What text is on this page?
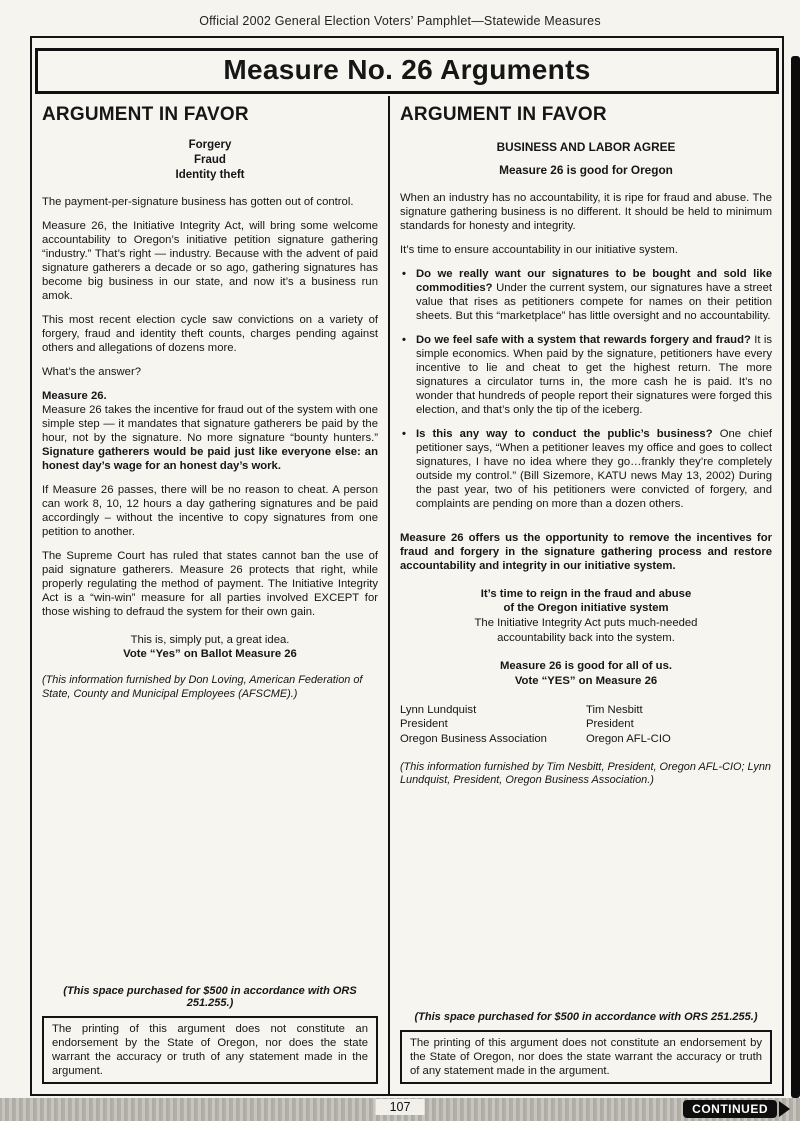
Official 2002 General Election Voters’ Pamphlet—Statewide Measures
Measure No. 26 Arguments
ARGUMENT IN FAVOR
Forgery
Fraud
Identity theft

The payment-per-signature business has gotten out of control.

Measure 26, the Initiative Integrity Act, will bring some welcome accountability to Oregon’s initiative petition signature gathering “industry.” That’s right — industry. Because with the advent of paid signature gatherers a decade or so ago, gathering signatures has become big business in our state, and now it’s a business run amok.

This most recent election cycle saw convictions on a variety of forgery, fraud and identity theft counts, charges pending against others and allegations of dozens more.

What’s the answer?

Measure 26.
Measure 26 takes the incentive for fraud out of the system with one simple step — it mandates that signature gatherers be paid by the hour, not by the signature. No more signature “bounty hunters.” Signature gatherers would be paid just like everyone else: an honest day’s wage for an honest day’s work.

If Measure 26 passes, there will be no reason to cheat. A person can work 8, 10, 12 hours a day gathering signatures and be paid accordingly – without the incentive to copy signatures from one petition to another.

The Supreme Court has ruled that states cannot ban the use of paid signature gatherers. Measure 26 protects that right, while properly regulating the method of payment. The Initiative Integrity Act is a “win-win” measure for all parties involved EXCEPT for those wishing to defraud the system for their own gain.

This is, simply put, a great idea.
Vote “Yes” on Ballot Measure 26

(This information furnished by Don Loving, American Federation of State, County and Municipal Employees (AFSCME).)

(This space purchased for $500 in accordance with ORS 251.255.)
The printing of this argument does not constitute an endorsement by the State of Oregon, nor does the state warrant the accuracy or truth of any statement made in the argument.
ARGUMENT IN FAVOR
BUSINESS AND LABOR AGREE
Measure 26 is good for Oregon

When an industry has no accountability, it is ripe for fraud and abuse. The signature gathering business is no different. It should be held to minimum standards for honesty and integrity.

It’s time to ensure accountability in our initiative system.

• Do we really want our signatures to be bought and sold like commodities? Under the current system, our signatures have a street value that rises as petitioners compete for names on their petition sheets. But this “marketplace” has little oversight and no accountability.
• Do we feel safe with a system that rewards forgery and fraud? It is simple economics. When paid by the signature, petitioners have every incentive to lie and cheat to get the highest return. The more signatures a circulator turns in, the more cash he is paid. It’s no wonder that hundreds of people report their signatures were forged this election, and that’s only the tip of the iceberg.
• Is this any way to conduct the public’s business? One chief petitioner says, “When a petitioner leaves my office and goes to collect signatures, I have no idea where they go…frankly they’re completely outside my control.” (Bill Sizemore, KATU news May 13, 2002) During the past year, two of his petitioners were convicted of forgery, and complaints are pending on more than a dozen others.

Measure 26 offers us the opportunity to remove the incentives for fraud and forgery in the signature gathering process and restore accountability and integrity in our initiative system.

It’s time to reign in the fraud and abuse
of the Oregon initiative system
The Initiative Integrity Act puts much-needed
accountability back into the system.
Measure 26 is good for all of us.
Vote “YES” on Measure 26
Lynn Lundquist
President
Oregon Business Association
Tim Nesbitt
President
Oregon AFL-CIO

(This information furnished by Tim Nesbitt, President, Oregon AFL-CIO; Lynn Lundquist, President, Oregon Business Association.)

(This space purchased for $500 in accordance with ORS 251.255.)
The printing of this argument does not constitute an endorsement by the State of Oregon, nor does the state warrant the accuracy or truth of any statement made in the argument.
107	CONTINUED
